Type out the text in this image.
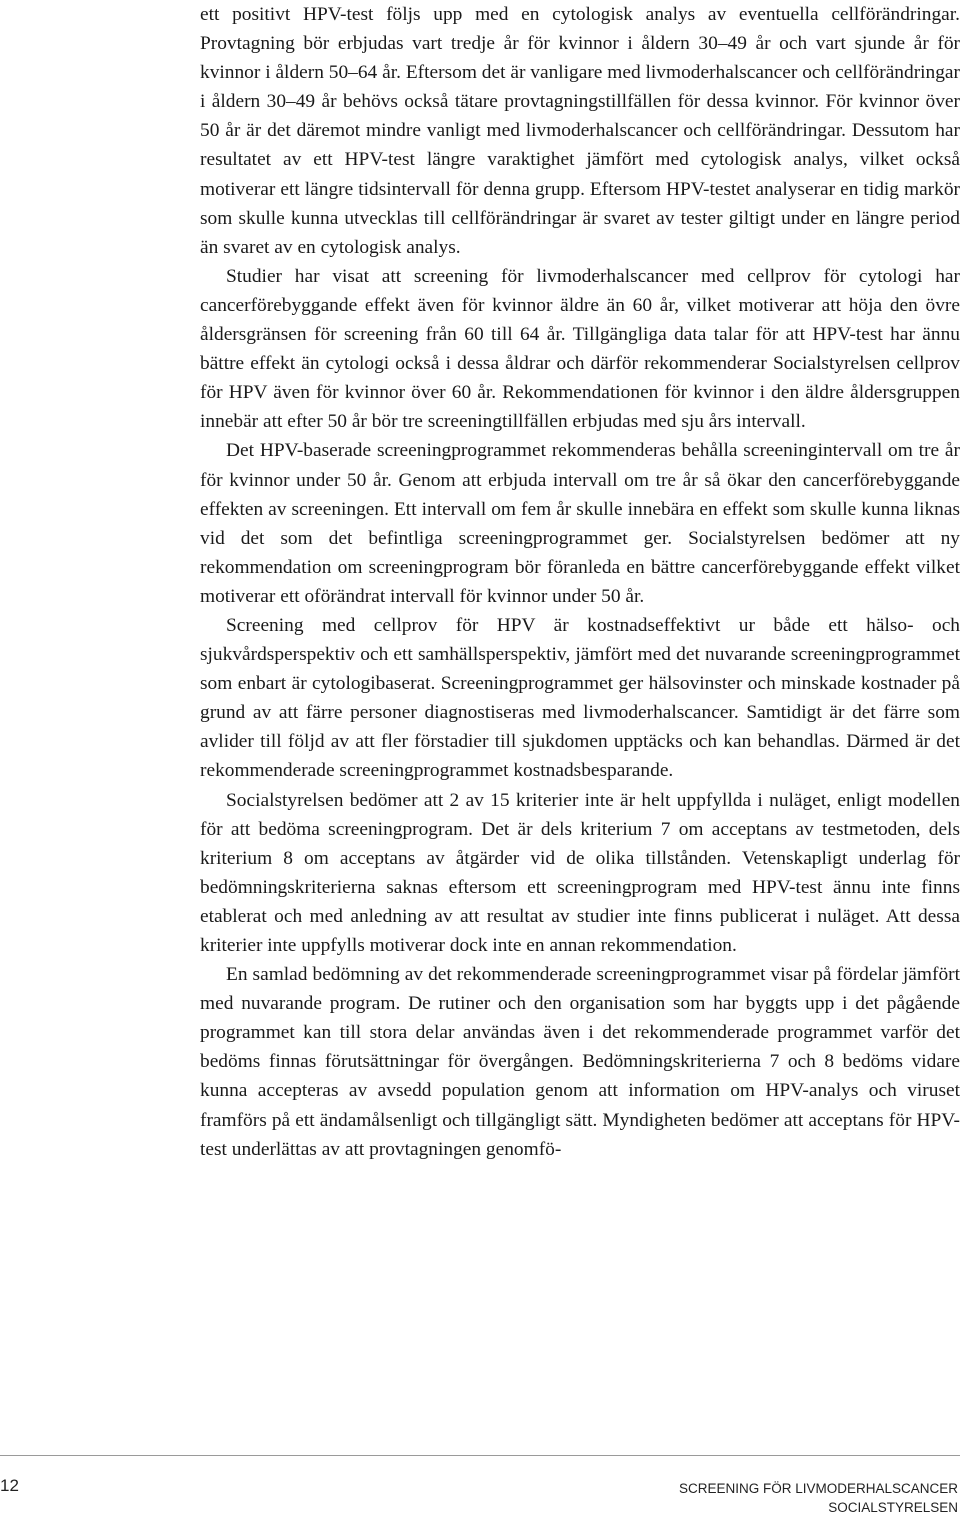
ett positivt HPV-test följs upp med en cytologisk analys av eventuella cellförändringar. Provtagning bör erbjudas vart tredje år för kvinnor i åldern 30–49 år och vart sjunde år för kvinnor i åldern 50–64 år. Eftersom det är vanligare med livmoderhalscancer och cellförändringar i åldern 30–49 år behövs också tätare provtagningstillfällen för dessa kvinnor. För kvinnor över 50 år är det däremot mindre vanligt med livmoderhalscancer och cellförändringar. Dessutom har resultatet av ett HPV-test längre varaktighet jämfört med cytologisk analys, vilket också motiverar ett längre tidsintervall för denna grupp. Eftersom HPV-testet analyserar en tidig markör som skulle kunna utvecklas till cellförändringar är svaret av tester giltigt under en längre period än svaret av en cytologisk analys.

Studier har visat att screening för livmoderhalscancer med cellprov för cytologi har cancerförebyggande effekt även för kvinnor äldre än 60 år, vilket motiverar att höja den övre åldersgränsen för screening från 60 till 64 år. Tillgängliga data talar för att HPV-test har ännu bättre effekt än cytologi också i dessa åldrar och därför rekommenderar Socialstyrelsen cellprov för HPV även för kvinnor över 60 år. Rekommendationen för kvinnor i den äldre åldersgruppen innebär att efter 50 år bör tre screeningtillfällen erbjudas med sju års intervall.

Det HPV-baserade screeningprogrammet rekommenderas behålla screeningintervall om tre år för kvinnor under 50 år. Genom att erbjuda intervall om tre år så ökar den cancerförebyggande effekten av screeningen. Ett intervall om fem år skulle innebära en effekt som skulle kunna liknas vid det som det befintliga screeningprogrammet ger. Socialstyrelsen bedömer att ny rekommendation om screeningprogram bör föranleda en bättre cancerförebyggande effekt vilket motiverar ett oförändrat intervall för kvinnor under 50 år.

Screening med cellprov för HPV är kostnadseffektivt ur både ett hälso- och sjukvårdsperspektiv och ett samhällsperspektiv, jämfört med det nuvarande screeningprogrammet som enbart är cytologibaserat. Screeningprogrammet ger hälsovinster och minskade kostnader på grund av att färre personer diagnostiseras med livmoderhalscancer. Samtidigt är det färre som avlider till följd av att fler förstadier till sjukdomen upptäcks och kan behandlas. Därmed är det rekommenderade screeningprogrammet kostnadsbesparande.

Socialstyrelsen bedömer att 2 av 15 kriterier inte är helt uppfyllda i nuläget, enligt modellen för att bedöma screeningprogram. Det är dels kriterium 7 om acceptans av testmetoden, dels kriterium 8 om acceptans av åtgärder vid de olika tillstånden. Vetenskapligt underlag för bedömningskriterierna saknas eftersom ett screeningprogram med HPV-test ännu inte finns etablerat och med anledning av att resultat av studier inte finns publicerat i nuläget. Att dessa kriterier inte uppfylls motiverar dock inte en annan rekommendation.

En samlad bedömning av det rekommenderade screeningprogrammet visar på fördelar jämfört med nuvarande program. De rutiner och den organisation som har byggts upp i det pågående programmet kan till stora delar användas även i det rekommenderade programmet varför det bedöms finnas förutsättningar för övergången. Bedömningskriterierna 7 och 8 bedöms vidare kunna accepteras av avsedd population genom att information om HPV-analys och viruset framförs på ett ändamålsenligt och tillgängligt sätt. Myndigheten bedömer att acceptans för HPV-test underlättas av att provtagningen genomfö-

12	SCREENING FÖR LIVMODERHALSCANCER
SOCIALSTYRELSEN
